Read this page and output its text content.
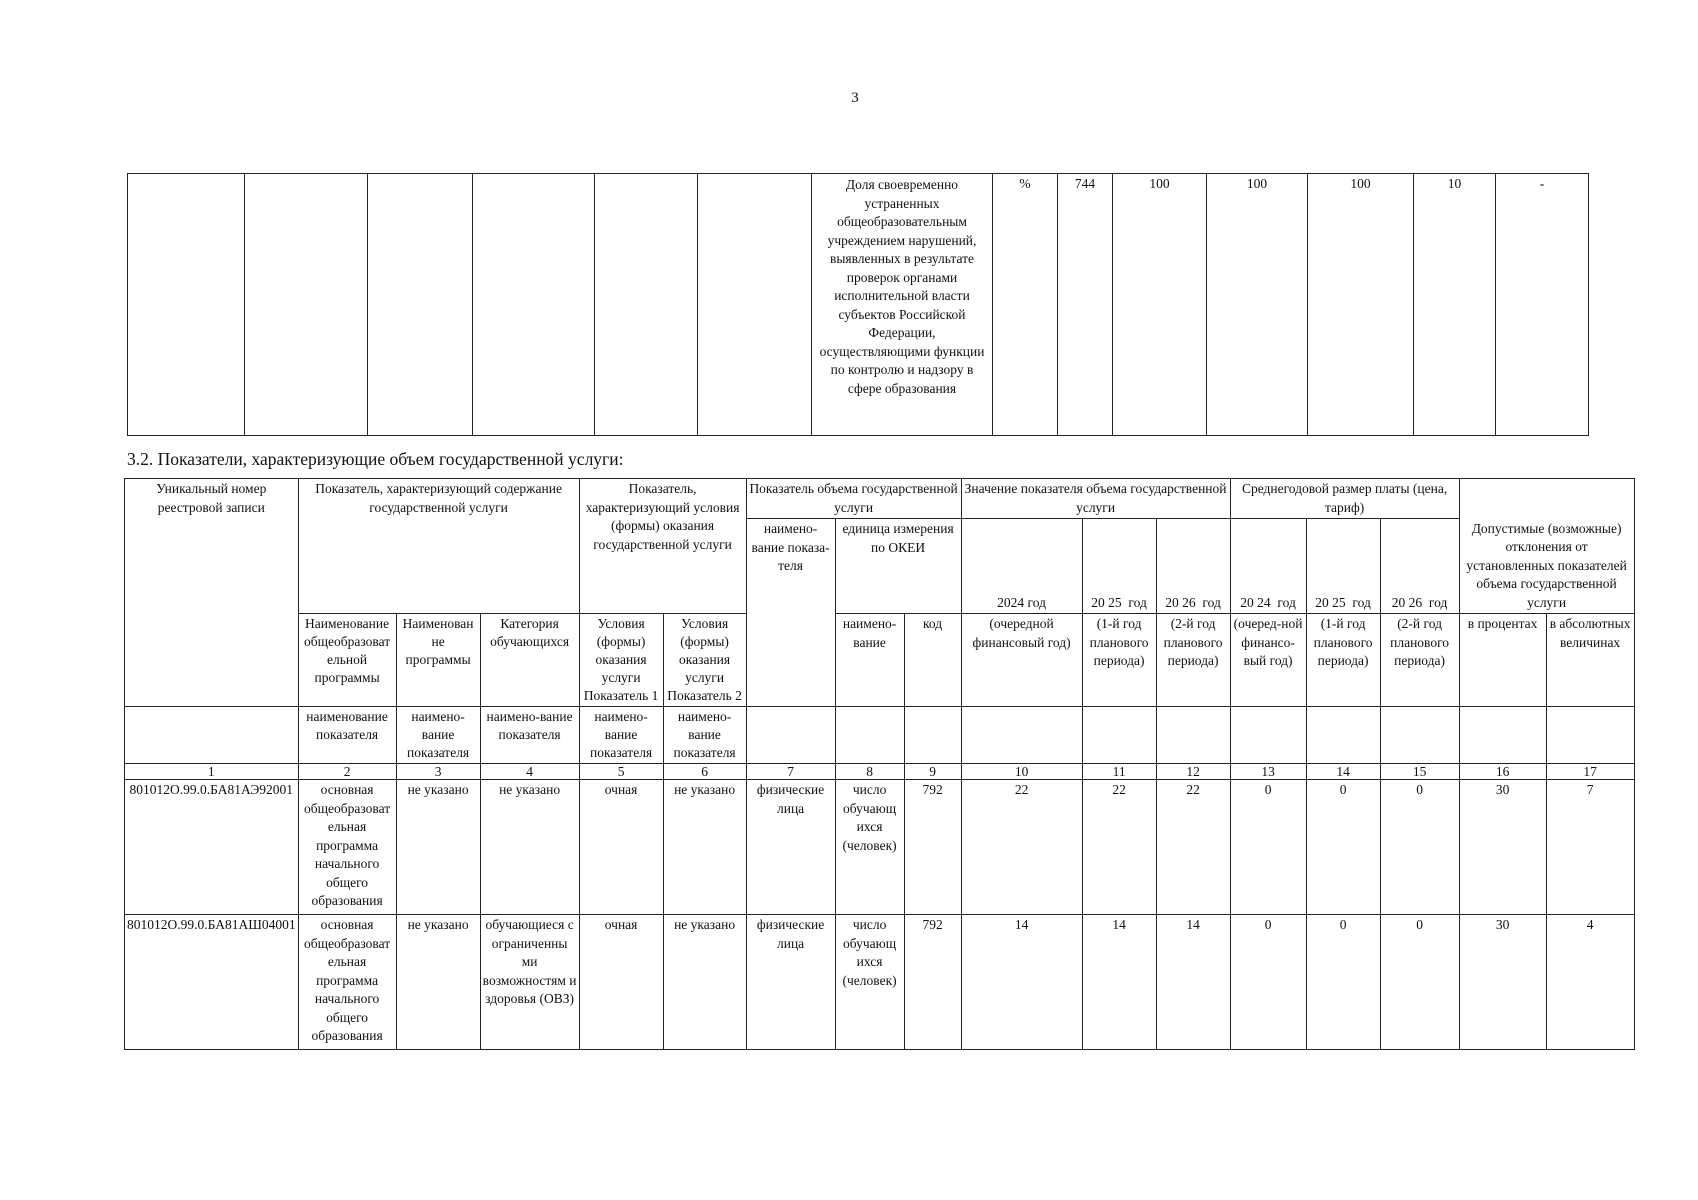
3
						Доля своевременно устраненных общеобразовательным учреждением нарушений, выявленных в результате проверок органами исполнительной власти субъектов Российской Федерации, осуществляющими функции по контролю и надзору в сфере образования	%	744	100	100	100	10	-
3.2. Показатели, характеризующие объем государственной услуги:
Уникальный номер реестровой записи	Показатель, характеризующий содержание государственной услуги			Показатель, характеризующий условия (формы) оказания государственной услуги		Показатель объема государственной услуги			Значение показателя объема государственной услуги			Среднегодовой размер платы (цена, тариф)				
						наимено-вание показа-теля	единица измерения по ОКЕИ		2024 год	20 25 год	20 26 год	20 24 год	20 25 год	20 26 год	Допустимые (возможные) отклонения от установленных показателей объема государственной услуги	
	Наименование общеобразоват ельной программы	Наименован не программы	Категория обучающихся	Условия (формы) оказания услуги Показатель 1	Условия (формы) оказания услуги Показатель 2		наимено-вание	код	(очередной финансовый год)	(1-й год планового периода)	(2-й год планового периода)	(очеред-ной финансо-вый год)	(1-й год планового периода)	(2-й год планового периода)	в процентах	в абсолютных величинах

	наименование показателя	наимено-вание показателя	наимено-вание показателя	наимено-вание показателя	наимено-вание показателя											
1	2	3	4	5	6	7	8	9	10	11	12	13	14	15	16	17
801012О.99.0.БА81АЭ92001	основная общеобразоват ельная программа начального общего образования	не указано	не указано	очная	не указано	физические лица	число обучающ ихся (человек)	792	22	22	22	0	0	0	30	7
801012О.99.0.БА81АШ04001	основная общеобразоват ельная программа начального общего образования	не указано	обучающиеся с ограниченны ми возможностям и здоровья (ОВЗ)	очная	не указано	физические лица	число обучающ ихся (человек)	792	14	14	14	0	0	0	30	4
